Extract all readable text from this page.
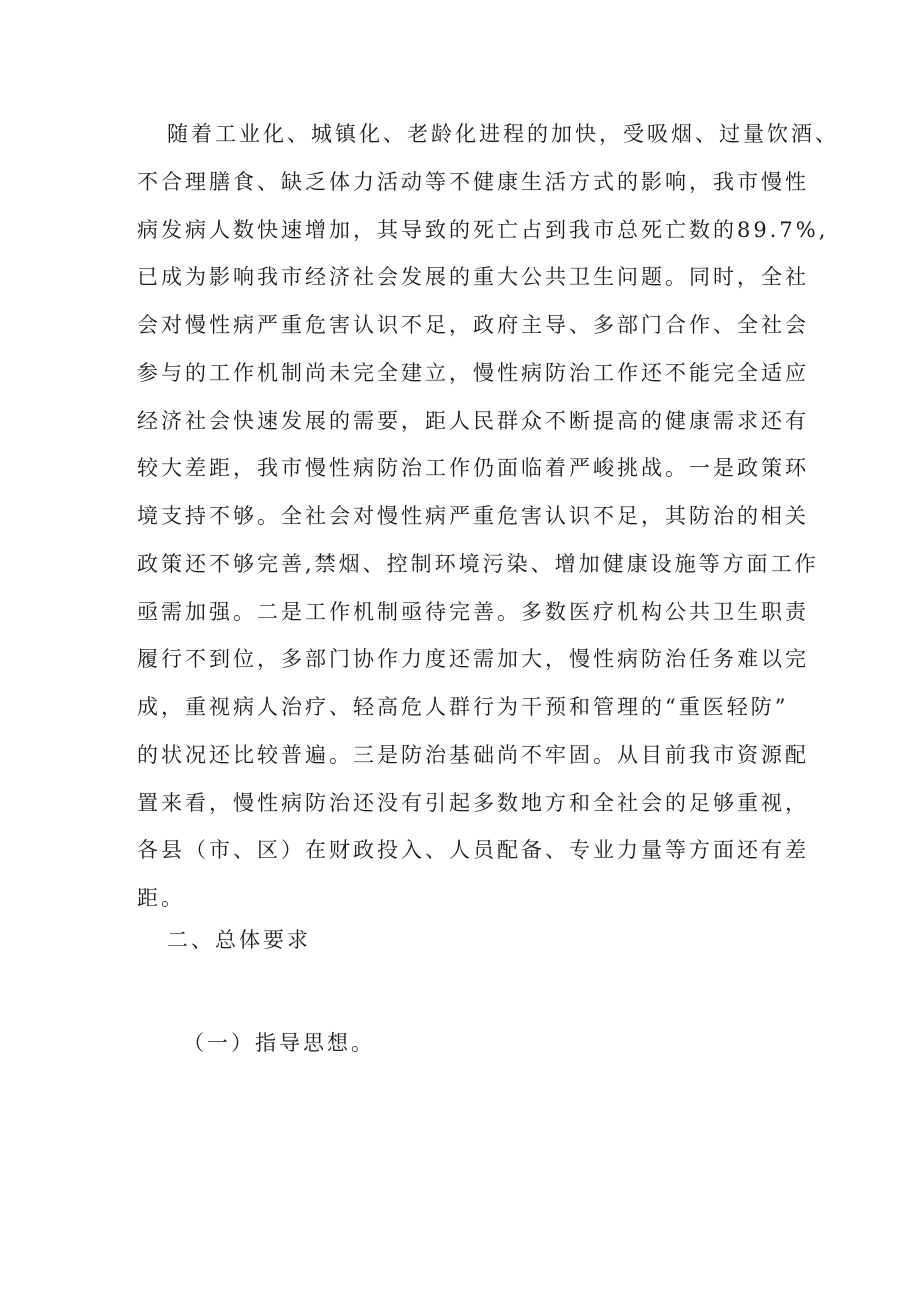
随着工业化、城镇化、老龄化进程的加快，受吸烟、过量饮酒、
不合理膳食、缺乏体力活动等不健康生活方式的影响，我市慢性
病发病人数快速增加，其导致的死亡占到我市总死亡数的89.7%,
已成为影响我市经济社会发展的重大公共卫生问题。同时，全社
会对慢性病严重危害认识不足，政府主导、多部门合作、全社会
参与的工作机制尚未完全建立，慢性病防治工作还不能完全适应
经济社会快速发展的需要，距人民群众不断提高的健康需求还有
较大差距，我市慢性病防治工作仍面临着严峻挑战。一是政策环
境支持不够。全社会对慢性病严重危害认识不足，其防治的相关
政策还不够完善,禁烟、控制环境污染、增加健康设施等方面工作
亟需加强。二是工作机制亟待完善。多数医疗机构公共卫生职责
履行不到位，多部门协作力度还需加大，慢性病防治任务难以完
成，重视病人治疗、轻高危人群行为干预和管理的“重医轻防”
的状况还比较普遍。三是防治基础尚不牢固。从目前我市资源配
置来看，慢性病防治还没有引起多数地方和全社会的足够重视，
各县（市、区）在财政投入、人员配备、专业力量等方面还有差
距。
二、总体要求
（一）指导思想。
